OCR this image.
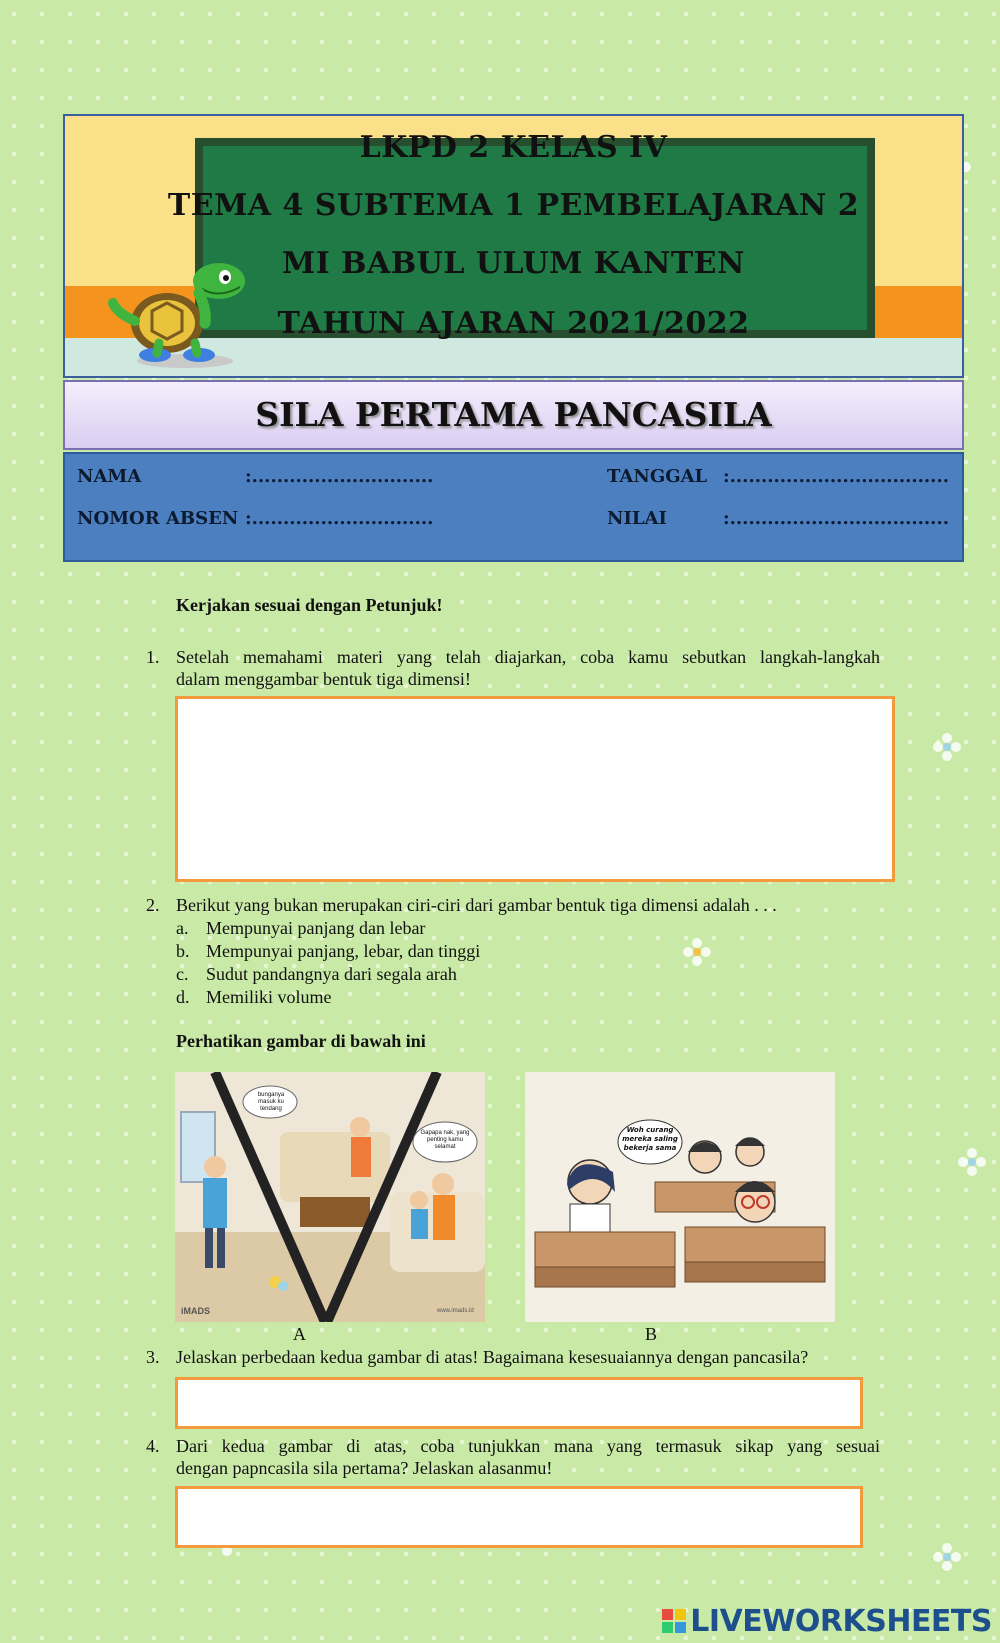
LKPD 2 KELAS IV
TEMA 4 SUBTEMA 1 PEMBELAJARAN 2
MI BABUL ULUM KANTEN
TAHUN AJARAN 2021/2022
SILA PERTAMA PANCASILA
NAMA	:.............................
NOMOR ABSEN :.............................
TANGGAL :...................................
NILAI	:...................................
Kerjakan sesuai dengan Petunjuk!
1. Setelah memahami materi yang telah diajarkan, coba kamu sebutkan langkah-langkah
dalam menggambar bentuk tiga dimensi!
2. Berikut yang bukan merupakan ciri-ciri dari gambar bentuk tiga dimensi adalah . . .
a. Mempunyai panjang dan lebar
b. Mempunyai panjang, lebar, dan tinggi
c. Sudut pandangnya dari segala arah
d. Memiliki volume
Perhatikan gambar di bawah ini
bunganya masuk ku tendang
Gapapa nak, yang penting kamu selamat
iMADS	www.imads.id
Woh curang mereka saling bekerja sama
A	B
3. Jelaskan perbedaan kedua gambar di atas! Bagaimana kesesuaiannya dengan pancasila?
4. Dari kedua gambar di atas, coba tunjukkan mana yang termasuk sikap yang sesuai
dengan papncasila sila pertama? Jelaskan alasanmu!
LIVEWORKSHEETS
